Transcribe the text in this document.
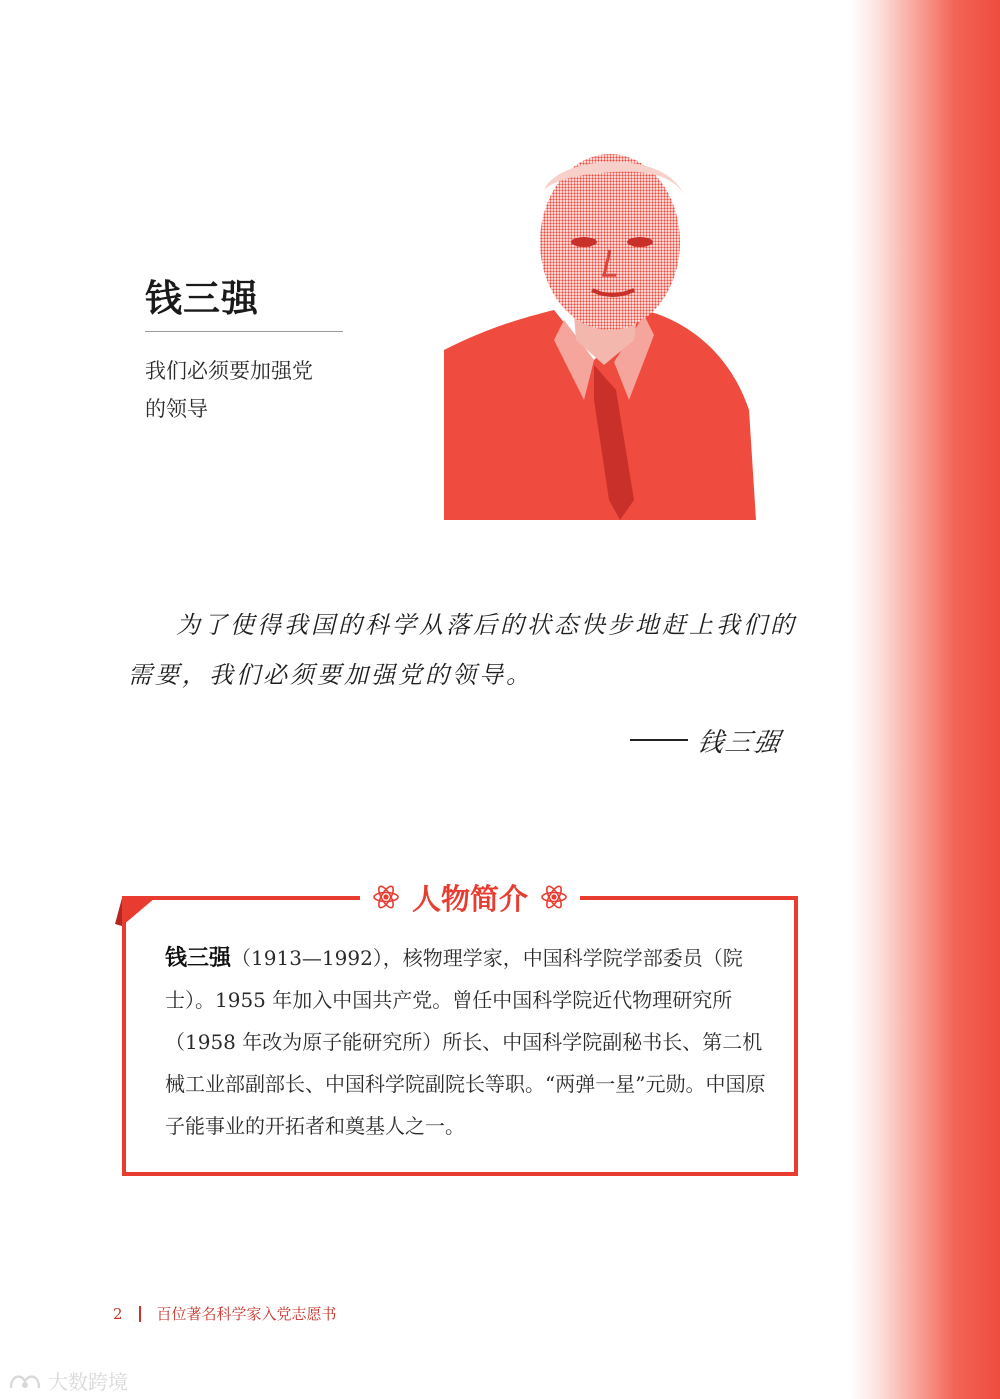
钱三强
我们必须要加强党
的领导
为了使得我国的科学从落后的状态快步地赶上我们的需要，我们必须要加强党的领导。
钱三强
人物简介
钱三强（1913—1992），核物理学家，中国科学院学部委员（院士）。1955 年加入中国共产党。曾任中国科学院近代物理研究所（1958 年改为原子能研究所）所长、中国科学院副秘书长、第二机械工业部副部长、中国科学院副院长等职。“两弹一星”元勋。中国原子能事业的开拓者和奠基人之一。
2 百位著名科学家入党志愿书
大数跨境
